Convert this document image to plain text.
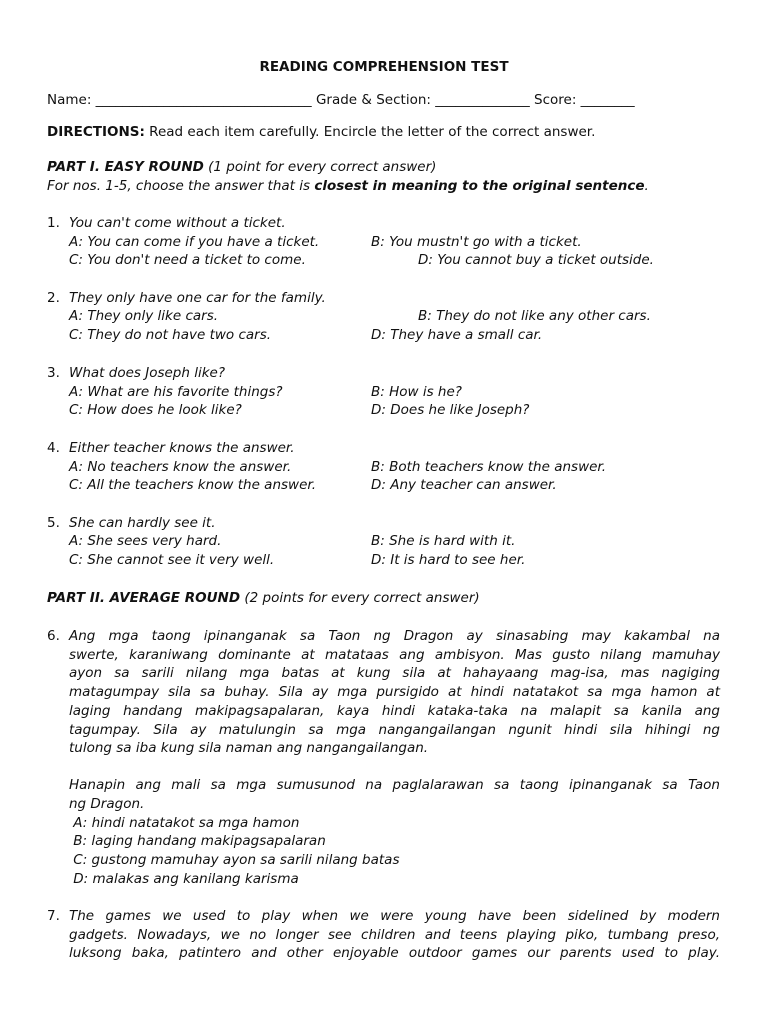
READING COMPREHENSION TEST
Name: ________________________________ Grade & Section: ______________ Score: ________
DIRECTIONS: Read each item carefully. Encircle the letter of the correct answer.
PART I. EASY ROUND (1 point for every correct answer)
For nos. 1-5, choose the answer that is closest in meaning to the original sentence.
1. You can't come without a ticket.
A: You can come if you have a ticket.	B: You mustn't go with a ticket.
C: You don't need a ticket to come.	D: You cannot buy a ticket outside.
2. They only have one car for the family.
A: They only like cars.	B: They do not like any other cars.
C: They do not have two cars.	D: They have a small car.
3. What does Joseph like?
A: What are his favorite things?	B: How is he?
C: How does he look like?	D: Does he like Joseph?
4. Either teacher knows the answer.
A: No teachers know the answer.	B: Both teachers know the answer.
C: All the teachers know the answer.	D: Any teacher can answer.
5. She can hardly see it.
A: She sees very hard.	B: She is hard with it.
C: She cannot see it very well.	D: It is hard to see her.
PART II. AVERAGE ROUND (2 points for every correct answer)
6. Ang mga taong ipinanganak sa Taon ng Dragon ay sinasabing may kakambal na
swerte, karaniwang dominante at matataas ang ambisyon. Mas gusto nilang mamuhay
ayon sa sarili nilang mga batas at kung sila at hahayaang mag-isa, mas nagiging
matagumpay sila sa buhay. Sila ay mga pursigido at hindi natatakot sa mga hamon at
laging handang makipagsapalaran, kaya hindi kataka-taka na malapit sa kanila ang
tagumpay. Sila ay matulungin sa mga nangangailangan ngunit hindi sila hihingi ng
tulong sa iba kung sila naman ang nangangailangan.
Hanapin ang mali sa mga sumusunod na paglalarawan sa taong ipinanganak sa Taon
ng Dragon.
A: hindi natatakot sa mga hamon
B: laging handang makipagsapalaran
C: gustong mamuhay ayon sa sarili nilang batas
D: malakas ang kanilang karisma
7. The games we used to play when we were young have been sidelined by modern
gadgets. Nowadays, we no longer see children and teens playing piko, tumbang preso,
luksong baka, patintero and other enjoyable outdoor games our parents used to play.
